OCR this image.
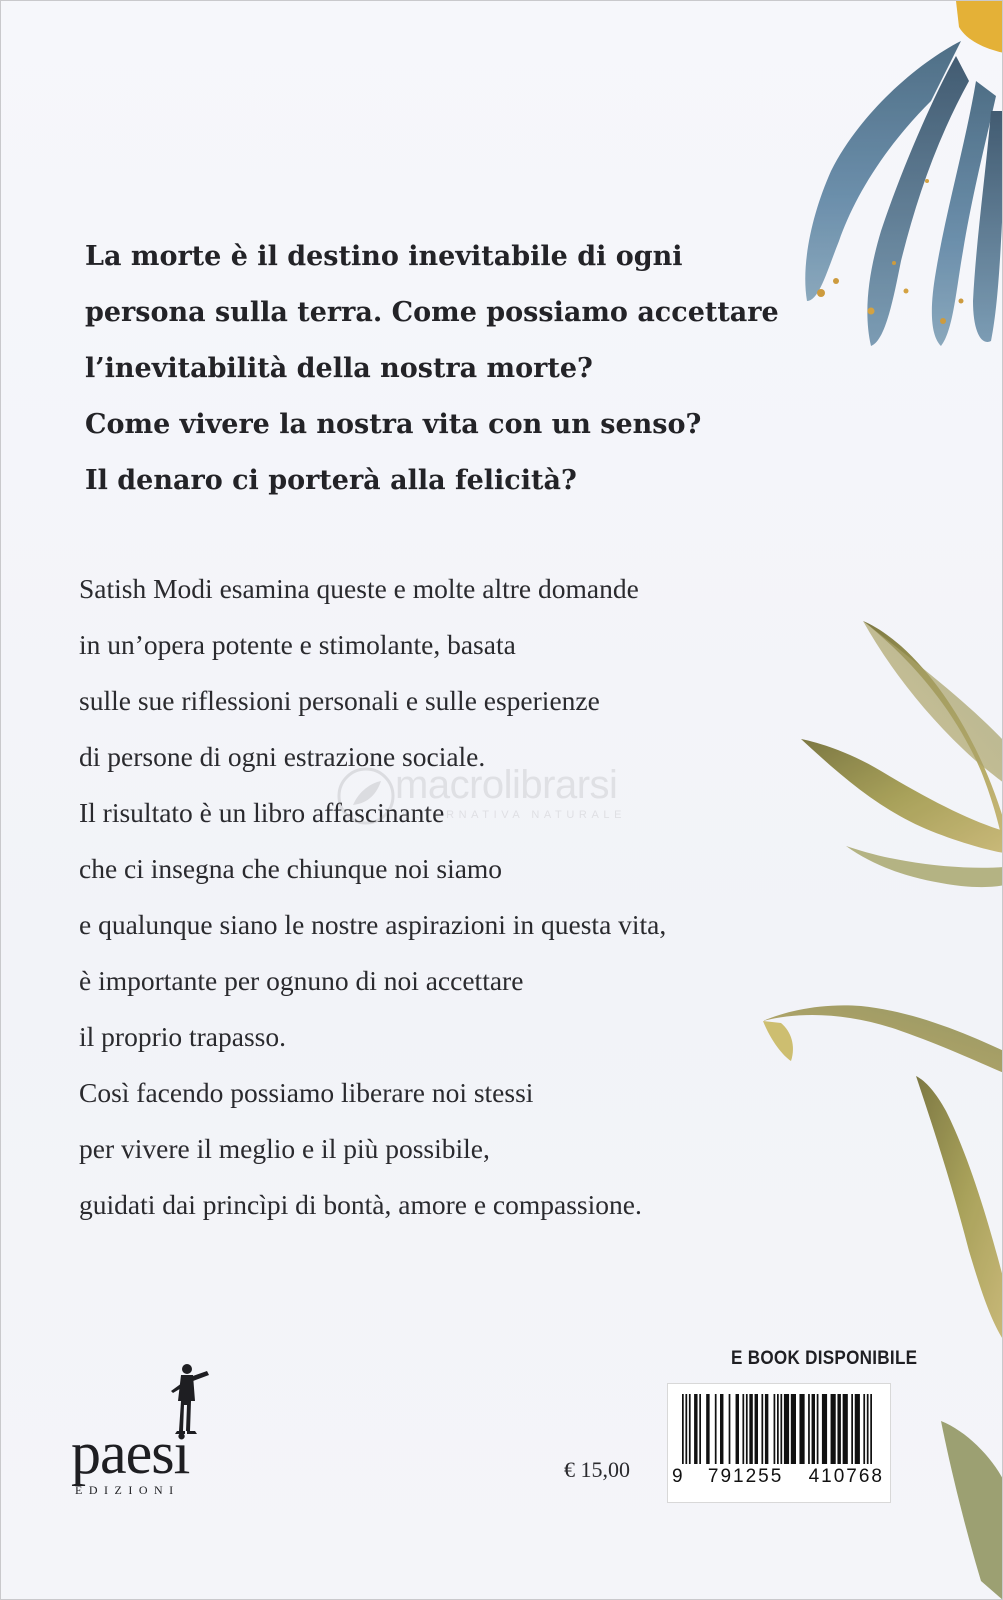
La morte è il destino inevitabile di ogni
persona sulla terra. Come possiamo accettare
l’inevitabilità della nostra morte?
Come vivere la nostra vita con un senso?
Il denaro ci porterà alla felicità?
Satish Modi esamina queste e molte altre domande
in un’opera potente e stimolante, basata
sulle sue riflessioni personali e sulle esperienze
di persone di ogni estrazione sociale.
Il risultato è un libro affascinante
che ci insegna che chiunque noi siamo
e qualunque siano le nostre aspirazioni in questa vita,
è importante per ognuno di noi accettare
il proprio trapasso.
Così facendo possiamo liberare noi stessi
per vivere il meglio e il più possibile,
guidati dai princìpi di bontà, amore e compassione.
macrolibrarsi
ALTERNATIVA NATURALE
paesi
EDIZIONI
€ 15,00
E BOOK DISPONIBILE
9 791255 410768
